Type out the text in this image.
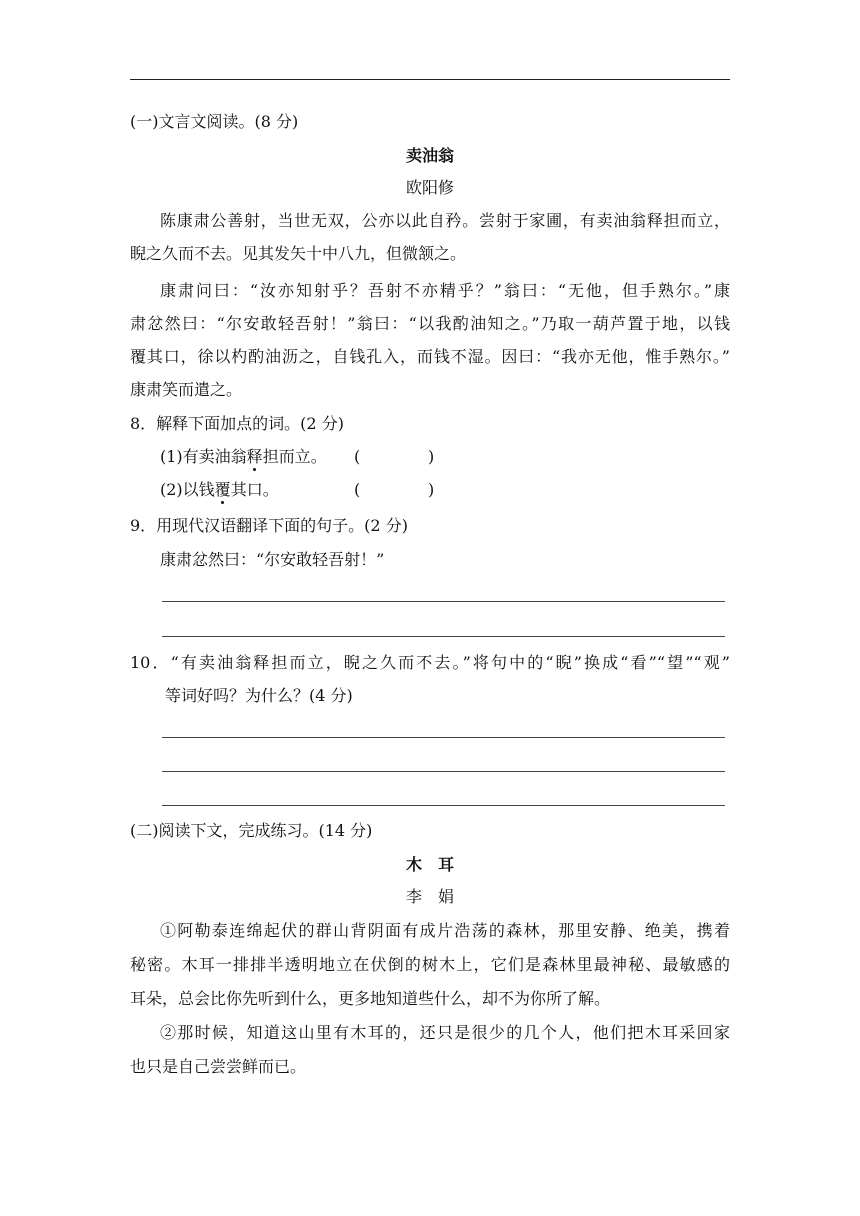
(一)文言文阅读。(8 分)
卖油翁
欧阳修
陈康肃公善射，当世无双，公亦以此自矜。尝射于家圃，有卖油翁释担而立，
睨之久而不去。见其发矢十中八九，但微颔之。
康肃问曰：“汝亦知射乎？吾射不亦精乎？”翁曰：“无他，但手熟尔。”康
肃忿然曰：“尔安敢轻吾射！”翁曰：“以我酌油知之。”乃取一葫芦置于地，以钱
覆其口，徐以杓酌油沥之，自钱孔入，而钱不湿。因曰：“我亦无他，惟手熟尔。”
康肃笑而遣之。
8．解释下面加点的词。(2 分)
(1)有卖油翁释担而立。 (	)
(2)以钱覆其口。	(	)
9．用现代汉语翻译下面的句子。(2 分)
康肃忿然曰：“尔安敢轻吾射！”
10．“有卖油翁释担而立，睨之久而不去。”将句中的“睨”换成“看”“望”“观”
等词好吗？为什么？(4 分)
(二)阅读下文，完成练习。(14 分)
木　耳
李　娟
①阿勒泰连绵起伏的群山背阴面有成片浩荡的森林，那里安静、绝美，携着
秘密。木耳一排排半透明地立在伏倒的树木上，它们是森林里最神秘、最敏感的
耳朵，总会比你先听到什么，更多地知道些什么，却不为你所了解。
②那时候，知道这山里有木耳的，还只是很少的几个人，他们把木耳采回家
也只是自己尝尝鲜而已。
